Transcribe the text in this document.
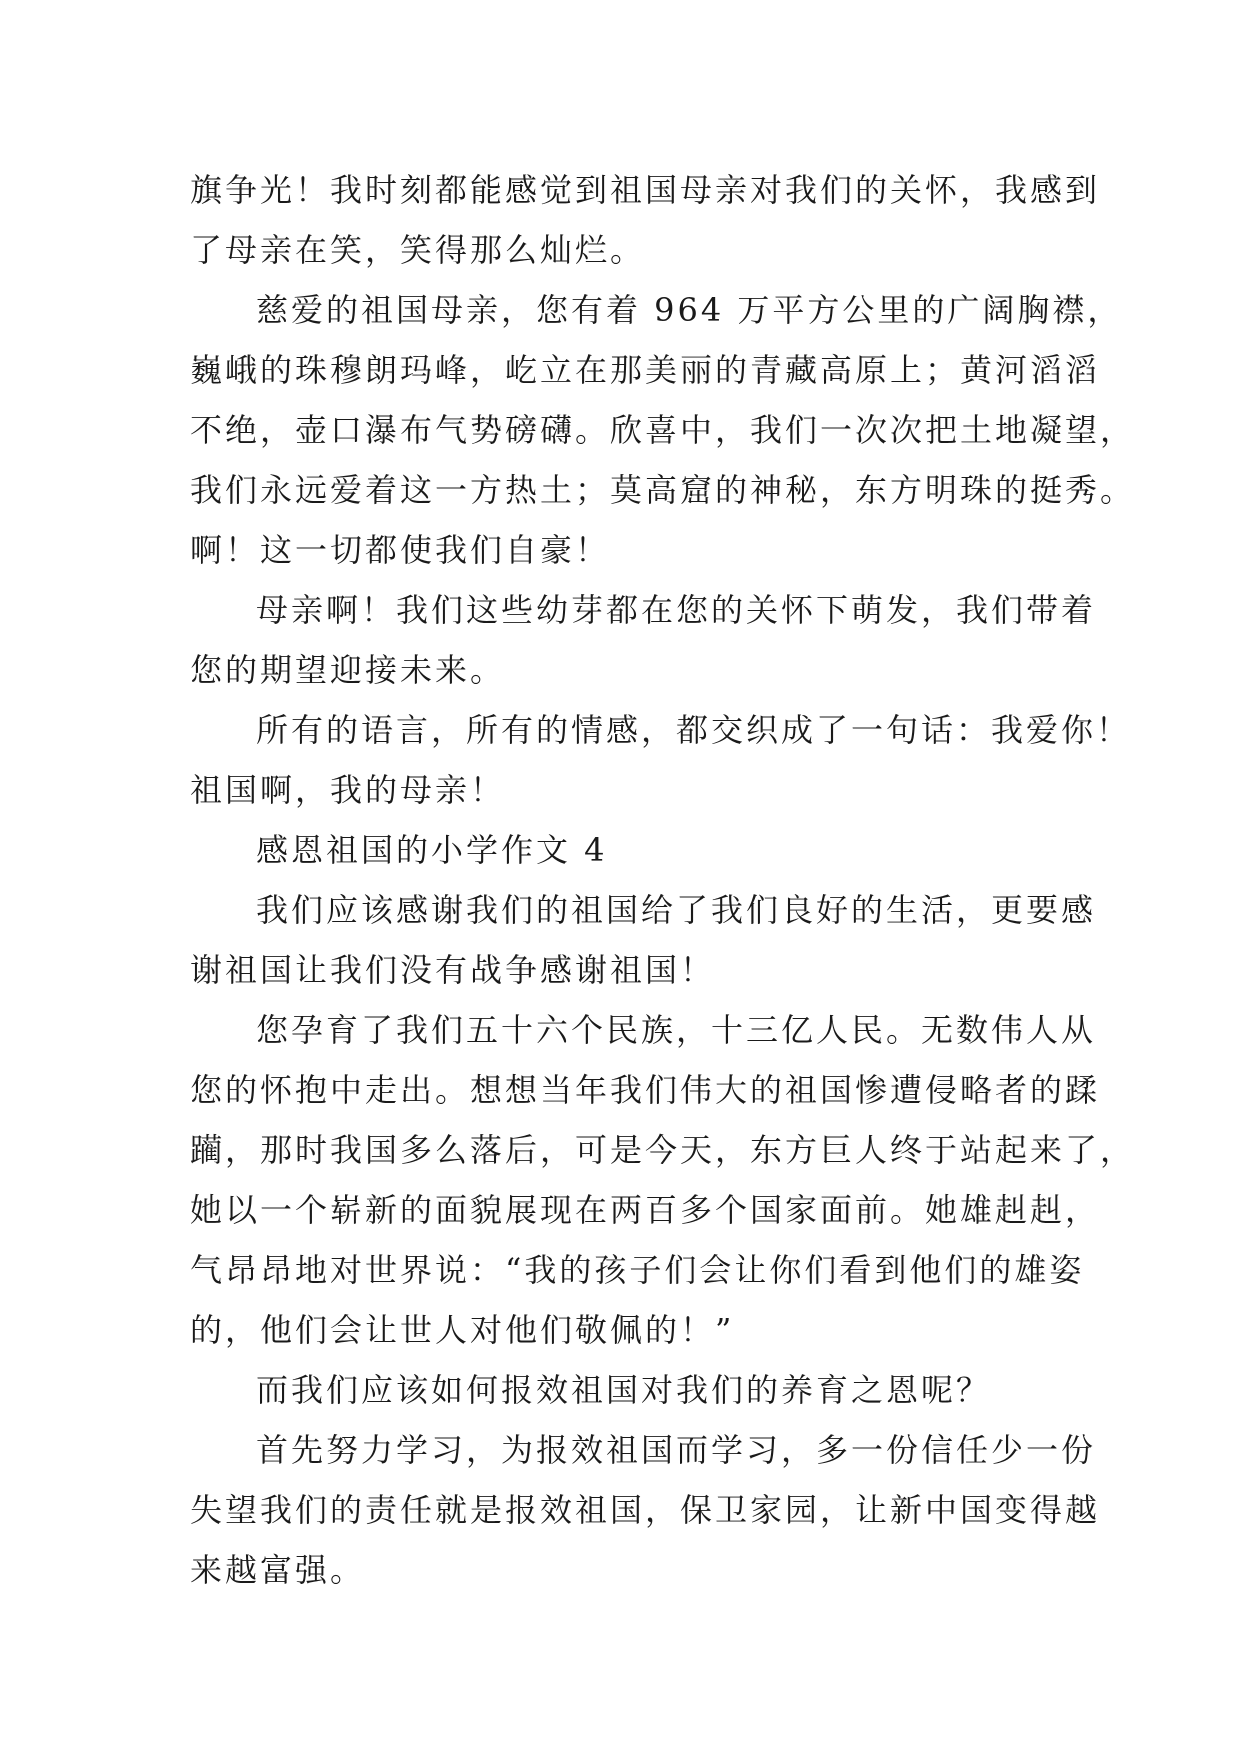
旗争光！我时刻都能感觉到祖国母亲对我们的关怀，我感到
了母亲在笑，笑得那么灿烂。
慈爱的祖国母亲，您有着 964 万平方公里的广阔胸襟，
巍峨的珠穆朗玛峰，屹立在那美丽的青藏高原上；黄河滔滔
不绝，壶口瀑布气势磅礴。欣喜中，我们一次次把土地凝望，
我们永远爱着这一方热土；莫高窟的神秘，东方明珠的挺秀。
啊！这一切都使我们自豪！
母亲啊！我们这些幼芽都在您的关怀下萌发，我们带着
您的期望迎接未来。
所有的语言，所有的情感，都交织成了一句话：我爱你！
祖国啊，我的母亲！
感恩祖国的小学作文 4
我们应该感谢我们的祖国给了我们良好的生活，更要感
谢祖国让我们没有战争感谢祖国！
您孕育了我们五十六个民族，十三亿人民。无数伟人从
您的怀抱中走出。想想当年我们伟大的祖国惨遭侵略者的蹂
躏，那时我国多么落后，可是今天，东方巨人终于站起来了，
她以一个崭新的面貌展现在两百多个国家面前。她雄赳赳，
气昂昂地对世界说：“我的孩子们会让你们看到他们的雄姿
的，他们会让世人对他们敬佩的！”
而我们应该如何报效祖国对我们的养育之恩呢？
首先努力学习，为报效祖国而学习，多一份信任少一份
失望我们的责任就是报效祖国，保卫家园，让新中国变得越
来越富强。
